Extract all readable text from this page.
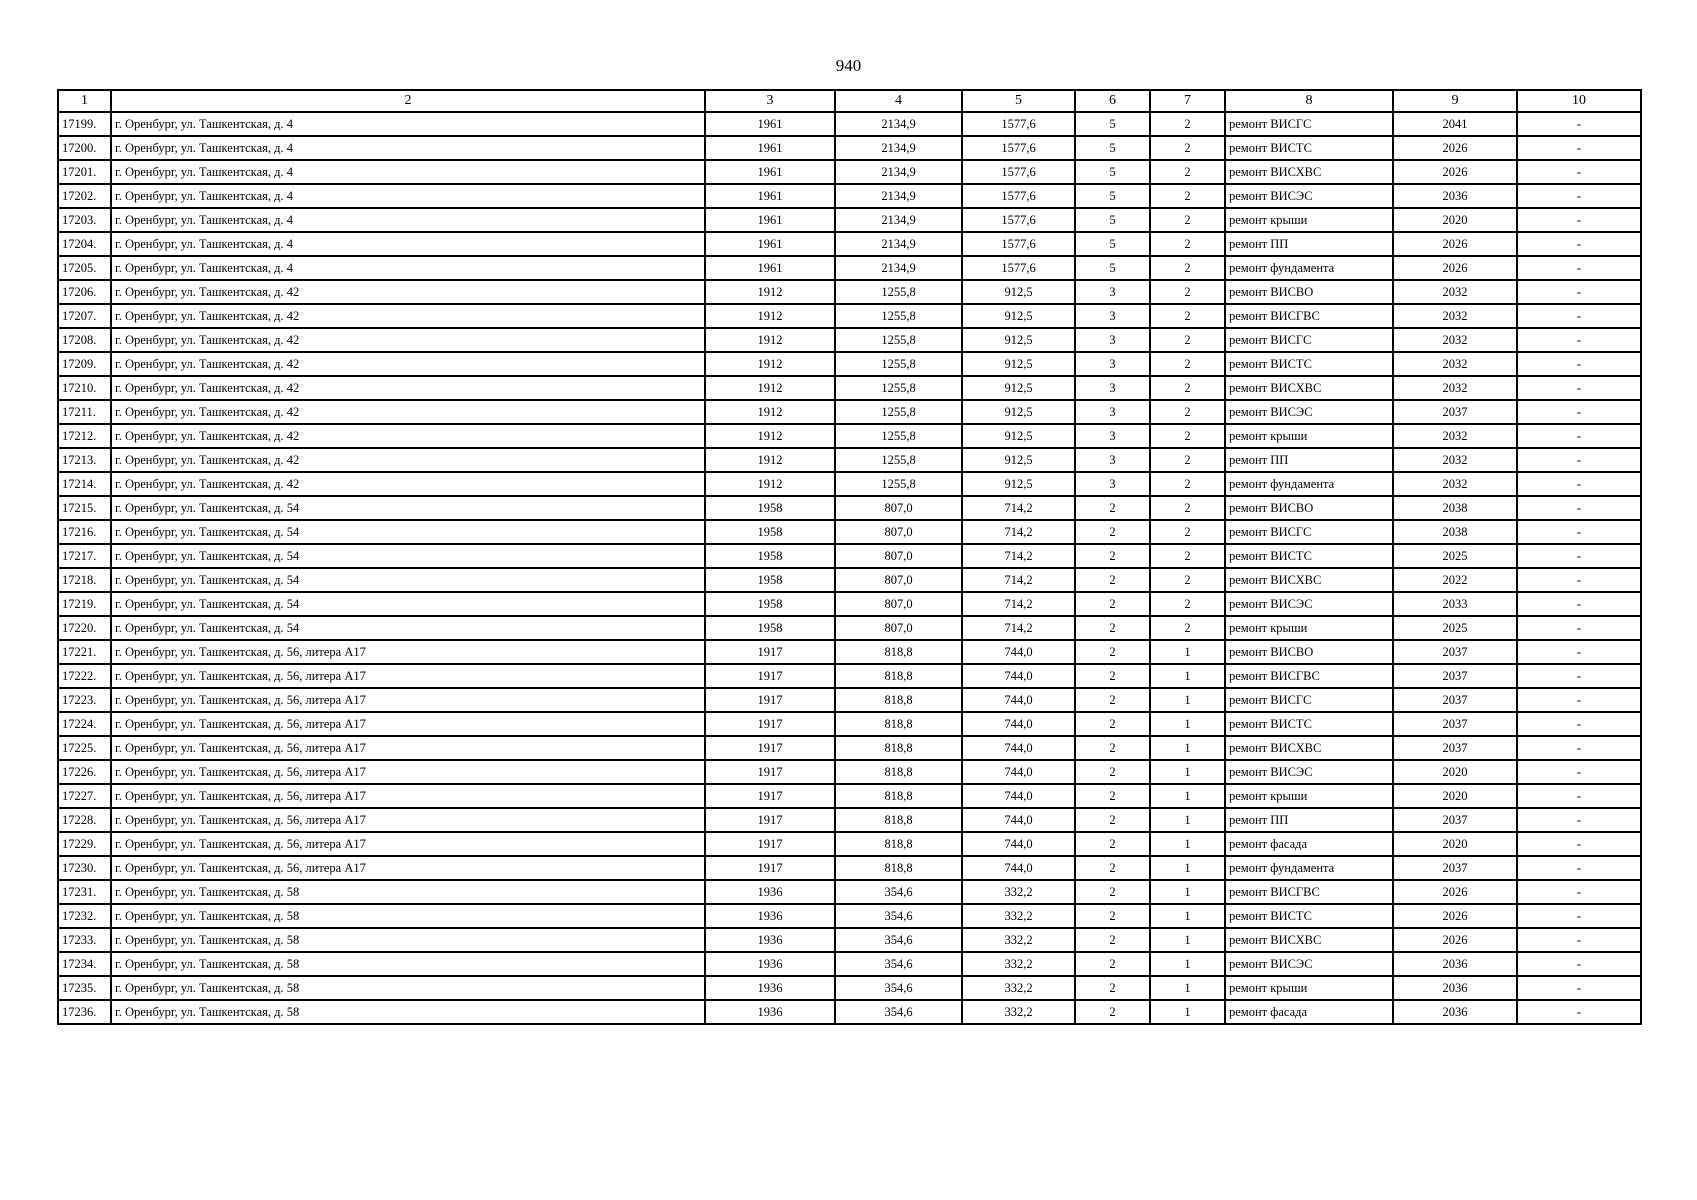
940
1	2	3	4	5	6	7	8	9	10
17199.	г. Оренбург, ул. Ташкентская, д. 4	1961	2134,9	1577,6	5	2	ремонт ВИСГС	2041	-
17200.	г. Оренбург, ул. Ташкентская, д. 4	1961	2134,9	1577,6	5	2	ремонт ВИСТС	2026	-
17201.	г. Оренбург, ул. Ташкентская, д. 4	1961	2134,9	1577,6	5	2	ремонт ВИСХВС	2026	-
17202.	г. Оренбург, ул. Ташкентская, д. 4	1961	2134,9	1577,6	5	2	ремонт ВИСЭС	2036	-
17203.	г. Оренбург, ул. Ташкентская, д. 4	1961	2134,9	1577,6	5	2	ремонт крыши	2020	-
17204.	г. Оренбург, ул. Ташкентская, д. 4	1961	2134,9	1577,6	5	2	ремонт ПП	2026	-
17205.	г. Оренбург, ул. Ташкентская, д. 4	1961	2134,9	1577,6	5	2	ремонт фундамента	2026	-
17206.	г. Оренбург, ул. Ташкентская, д. 42	1912	1255,8	912,5	3	2	ремонт ВИСВО	2032	-
17207.	г. Оренбург, ул. Ташкентская, д. 42	1912	1255,8	912,5	3	2	ремонт ВИСГВС	2032	-
17208.	г. Оренбург, ул. Ташкентская, д. 42	1912	1255,8	912,5	3	2	ремонт ВИСГС	2032	-
17209.	г. Оренбург, ул. Ташкентская, д. 42	1912	1255,8	912,5	3	2	ремонт ВИСТС	2032	-
17210.	г. Оренбург, ул. Ташкентская, д. 42	1912	1255,8	912,5	3	2	ремонт ВИСХВС	2032	-
17211.	г. Оренбург, ул. Ташкентская, д. 42	1912	1255,8	912,5	3	2	ремонт ВИСЭС	2037	-
17212.	г. Оренбург, ул. Ташкентская, д. 42	1912	1255,8	912,5	3	2	ремонт крыши	2032	-
17213.	г. Оренбург, ул. Ташкентская, д. 42	1912	1255,8	912,5	3	2	ремонт ПП	2032	-
17214.	г. Оренбург, ул. Ташкентская, д. 42	1912	1255,8	912,5	3	2	ремонт фундамента	2032	-
17215.	г. Оренбург, ул. Ташкентская, д. 54	1958	807,0	714,2	2	2	ремонт ВИСВО	2038	-
17216.	г. Оренбург, ул. Ташкентская, д. 54	1958	807,0	714,2	2	2	ремонт ВИСГС	2038	-
17217.	г. Оренбург, ул. Ташкентская, д. 54	1958	807,0	714,2	2	2	ремонт ВИСТС	2025	-
17218.	г. Оренбург, ул. Ташкентская, д. 54	1958	807,0	714,2	2	2	ремонт ВИСХВС	2022	-
17219.	г. Оренбург, ул. Ташкентская, д. 54	1958	807,0	714,2	2	2	ремонт ВИСЭС	2033	-
17220.	г. Оренбург, ул. Ташкентская, д. 54	1958	807,0	714,2	2	2	ремонт крыши	2025	-
17221.	г. Оренбург, ул. Ташкентская, д. 56, литера А17	1917	818,8	744,0	2	1	ремонт ВИСВО	2037	-
17222.	г. Оренбург, ул. Ташкентская, д. 56, литера А17	1917	818,8	744,0	2	1	ремонт ВИСГВС	2037	-
17223.	г. Оренбург, ул. Ташкентская, д. 56, литера А17	1917	818,8	744,0	2	1	ремонт ВИСГС	2037	-
17224.	г. Оренбург, ул. Ташкентская, д. 56, литера А17	1917	818,8	744,0	2	1	ремонт ВИСТС	2037	-
17225.	г. Оренбург, ул. Ташкентская, д. 56, литера А17	1917	818,8	744,0	2	1	ремонт ВИСХВС	2037	-
17226.	г. Оренбург, ул. Ташкентская, д. 56, литера А17	1917	818,8	744,0	2	1	ремонт ВИСЭС	2020	-
17227.	г. Оренбург, ул. Ташкентская, д. 56, литера А17	1917	818,8	744,0	2	1	ремонт крыши	2020	-
17228.	г. Оренбург, ул. Ташкентская, д. 56, литера А17	1917	818,8	744,0	2	1	ремонт ПП	2037	-
17229.	г. Оренбург, ул. Ташкентская, д. 56, литера А17	1917	818,8	744,0	2	1	ремонт фасада	2020	-
17230.	г. Оренбург, ул. Ташкентская, д. 56, литера А17	1917	818,8	744,0	2	1	ремонт фундамента	2037	-
17231.	г. Оренбург, ул. Ташкентская, д. 58	1936	354,6	332,2	2	1	ремонт ВИСГВС	2026	-
17232.	г. Оренбург, ул. Ташкентская, д. 58	1936	354,6	332,2	2	1	ремонт ВИСТС	2026	-
17233.	г. Оренбург, ул. Ташкентская, д. 58	1936	354,6	332,2	2	1	ремонт ВИСХВС	2026	-
17234.	г. Оренбург, ул. Ташкентская, д. 58	1936	354,6	332,2	2	1	ремонт ВИСЭС	2036	-
17235.	г. Оренбург, ул. Ташкентская, д. 58	1936	354,6	332,2	2	1	ремонт крыши	2036	-
17236.	г. Оренбург, ул. Ташкентская, д. 58	1936	354,6	332,2	2	1	ремонт фасада	2036	-
